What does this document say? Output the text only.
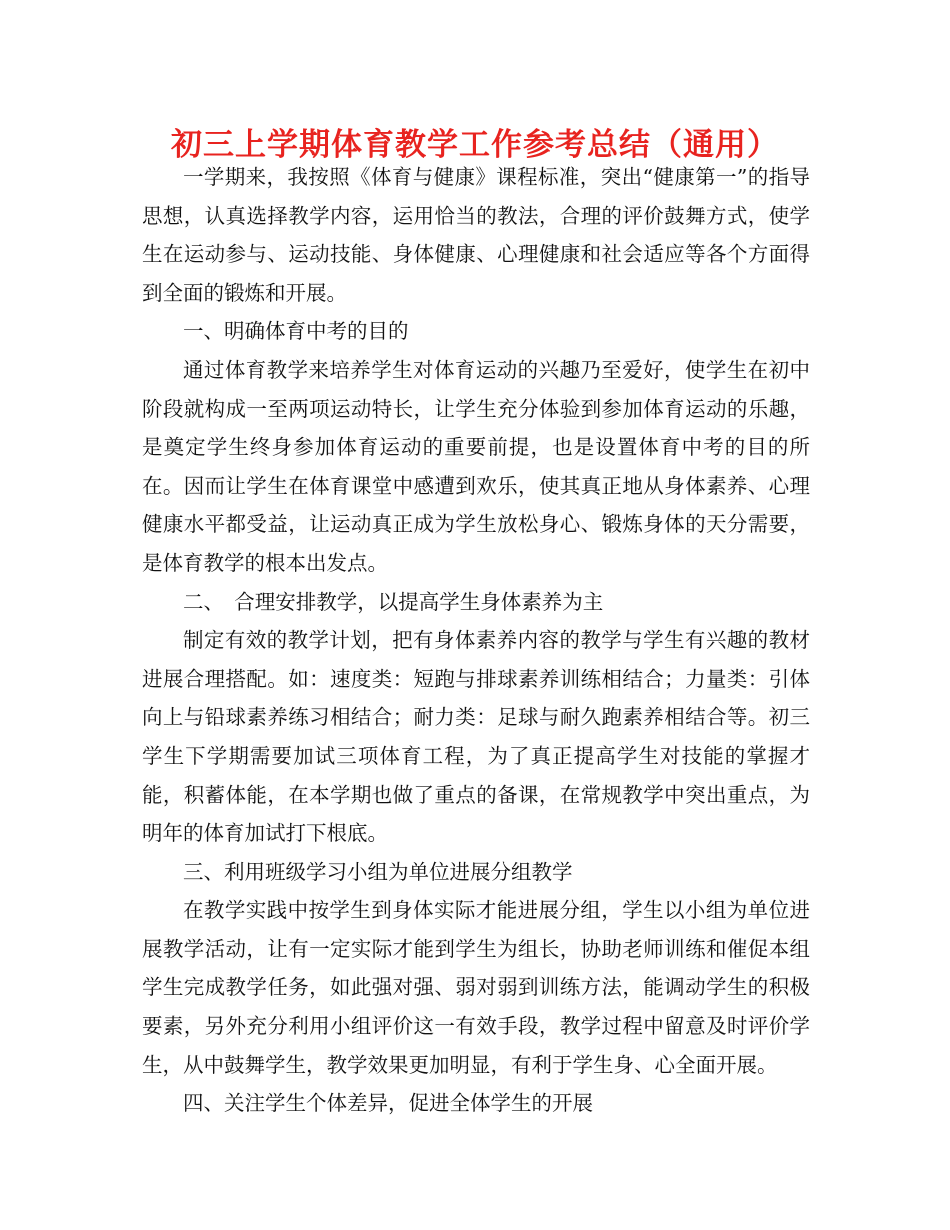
初三上学期体育教学工作参考总结（通用）

一学期来，我按照《体育与健康》课程标准，突出“健康第一”的指导思想，认真选择教学内容，运用恰当的教法，合理的评价鼓舞方式，使学生在运动参与、运动技能、身体健康、心理健康和社会适应等各个方面得到全面的锻炼和开展。

一、明确体育中考的目的

通过体育教学来培养学生对体育运动的兴趣乃至爱好，使学生在初中阶段就构成一至两项运动特长，让学生充分体验到参加体育运动的乐趣，是奠定学生终身参加体育运动的重要前提，也是设置体育中考的目的所在。因而让学生在体育课堂中感遭到欢乐，使其真正地从身体素养、心理健康水平都受益，让运动真正成为学生放松身心、锻炼身体的天分需要，是体育教学的根本出发点。

二、　合理安排教学，以提高学生身体素养为主

制定有效的教学计划，把有身体素养内容的教学与学生有兴趣的教材进展合理搭配。如：速度类：短跑与排球素养训练相结合；力量类：引体向上与铅球素养练习相结合；耐力类：足球与耐久跑素养相结合等。初三学生下学期需要加试三项体育工程，为了真正提高学生对技能的掌握才能，积蓄体能，在本学期也做了重点的备课，在常规教学中突出重点，为明年的体育加试打下根底。

三、利用班级学习小组为单位进展分组教学

在教学实践中按学生到身体实际才能进展分组，学生以小组为单位进展教学活动，让有一定实际才能到学生为组长，协助老师训练和催促本组学生完成教学任务，如此强对强、弱对弱到训练方法，能调动学生的积极要素，另外充分利用小组评价这一有效手段，教学过程中留意及时评价学生，从中鼓舞学生，教学效果更加明显，有利于学生身、心全面开展。

四、关注学生个体差异，促进全体学生的开展
